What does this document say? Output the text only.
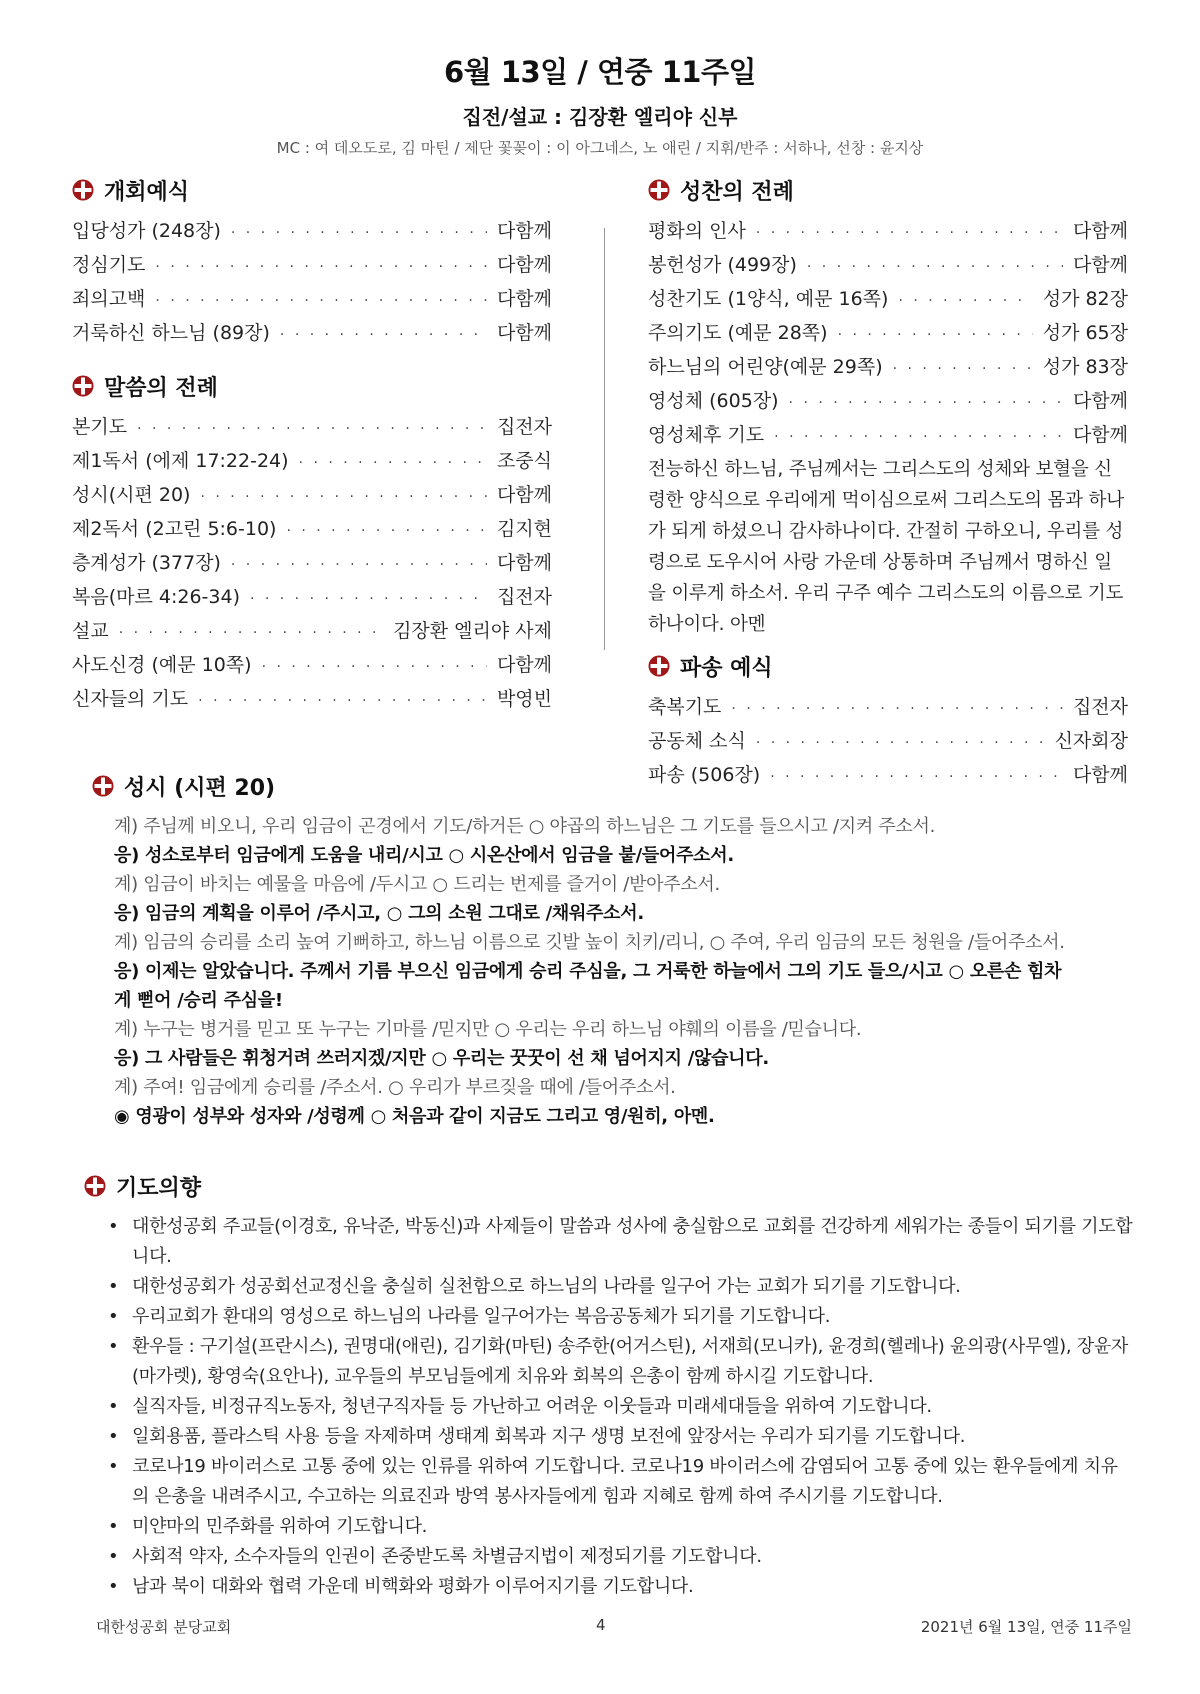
6월 13일 / 연중 11주일
집전/설교 : 김장환 엘리야 신부
MC : 여 데오도로, 김 마틴 / 제단 꽃꽂이 : 이 아그네스, 노 애린 / 지휘/반주 : 서하나, 선창 : 윤지상
개회예식
입당성가 (248장) · · ·	다함께
정심기도 · · ·	다함께
죄의고백 · · ·	다함께
거룩하신 하느님 (89장) · · ·	다함께
말씀의 전례
본기도 · · ·	집전자
제1독서 (에제 17:22-24) · · ·	조중식
성시(시편 20) · · ·	다함께
제2독서 (2고린 5:6-10) · · ·	김지현
층계성가 (377장) · · ·	다함께
복음(마르 4:26-34) · · ·	집전자
설교 · · ·	김장환 엘리야 사제
사도신경 (예문 10쪽) · · ·	다함께
신자들의 기도 · · ·	박영빈
성찬의 전례
평화의 인사 · · ·	다함께
봉헌성가 (499장) · · ·	다함께
성찬기도 (1양식, 예문 16쪽) · · ·	성가 82장
주의기도 (예문 28쪽) · · ·	성가 65장
하느님의 어린양(예문 29쪽) · · ·	성가 83장
영성체 (605장) · · ·	다함께
영성체후 기도 · · ·	다함께
전능하신 하느님, 주님께서는 그리스도의 성체와 보혈을 신령한 양식으로 우리에게 먹이심으로써 그리스도의 몸과 하나가 되게 하셨으니 감사하나이다. 간절히 구하오니, 우리를 성령으로 도우시어 사랑 가운데 상통하며 주님께서 명하신 일을 이루게 하소서. 우리 구주 예수 그리스도의 이름으로 기도하나이다. 아멘
파송 예식
축복기도 · · ·	집전자
공동체 소식 · · ·	신자회장
파송 (506장) · · ·	다함께
성시 (시편 20)
계) 주님께 비오니, 우리 임금이 곤경에서 기도/하거든 ○ 야곱의 하느님은 그 기도를 들으시고 /지켜 주소서.
응) 성소로부터 임금에게 도움을 내리/시고 ○ 시온산에서 임금을 붙/들어주소서.
계) 임금이 바치는 예물을 마음에 /두시고 ○ 드리는 번제를 즐거이 /받아주소서.
응) 임금의 계획을 이루어 /주시고, ○ 그의 소원 그대로 /채워주소서.
계) 임금의 승리를 소리 높여 기뻐하고, 하느님 이름으로 깃발 높이 치키/리니, ○ 주여, 우리 임금의 모든 청원을 /들어주소서.
응) 이제는 알았습니다. 주께서 기름 부으신 임금에게 승리 주심을, 그 거룩한 하늘에서 그의 기도 들으/시고 ○ 오른손 힘차
게 뻗어 /승리 주심을!
계) 누구는 병거를 믿고 또 누구는 기마를 /믿지만 ○ 우리는 우리 하느님 야훼의 이름을 /믿습니다.
응) 그 사람들은 휘청거려 쓰러지겠/지만 ○ 우리는 꿋꿋이 선 채 넘어지지 /않습니다.
계) 주여! 임금에게 승리를 /주소서. ○ 우리가 부르짖을 때에 /들어주소서.
◉ 영광이 성부와 성자와 /성령께 ○ 처음과 같이 지금도 그리고 영/원히, 아멘.
기도의향
• 대한성공회 주교들(이경호, 유낙준, 박동신)과 사제들이 말씀과 성사에 충실함으로 교회를 건강하게 세워가는 종들이 되기를 기도합니다.
• 대한성공회가 성공회선교정신을 충실히 실천함으로 하느님의 나라를 일구어 가는 교회가 되기를 기도합니다.
• 우리교회가 환대의 영성으로 하느님의 나라를 일구어가는 복음공동체가 되기를 기도합니다.
• 환우들 : 구기설(프란시스), 권명대(애린), 김기화(마틴) 송주한(어거스틴), 서재희(모니카), 윤경희(헬레나) 윤의광(사무엘), 장윤자(마가렛), 황영숙(요안나), 교우들의 부모님들에게 치유와 회복의 은총이 함께 하시길 기도합니다.
• 실직자들, 비정규직노동자, 청년구직자들 등 가난하고 어려운 이웃들과 미래세대들을 위하여 기도합니다.
• 일회용품, 플라스틱 사용 등을 자제하며 생태계 회복과 지구 생명 보전에 앞장서는 우리가 되기를 기도합니다.
• 코로나19 바이러스로 고통 중에 있는 인류를 위하여 기도합니다. 코로나19 바이러스에 감염되어 고통 중에 있는 환우들에게 치유의 은총을 내려주시고, 수고하는 의료진과 방역 봉사자들에게 힘과 지혜로 함께 하여 주시기를 기도합니다.
• 미얀마의 민주화를 위하여 기도합니다.
• 사회적 약자, 소수자들의 인권이 존중받도록 차별금지법이 제정되기를 기도합니다.
• 남과 북이 대화와 협력 가운데 비핵화와 평화가 이루어지기를 기도합니다.
대한성공회 분당교회	4	2021년 6월 13일, 연중 11주일
